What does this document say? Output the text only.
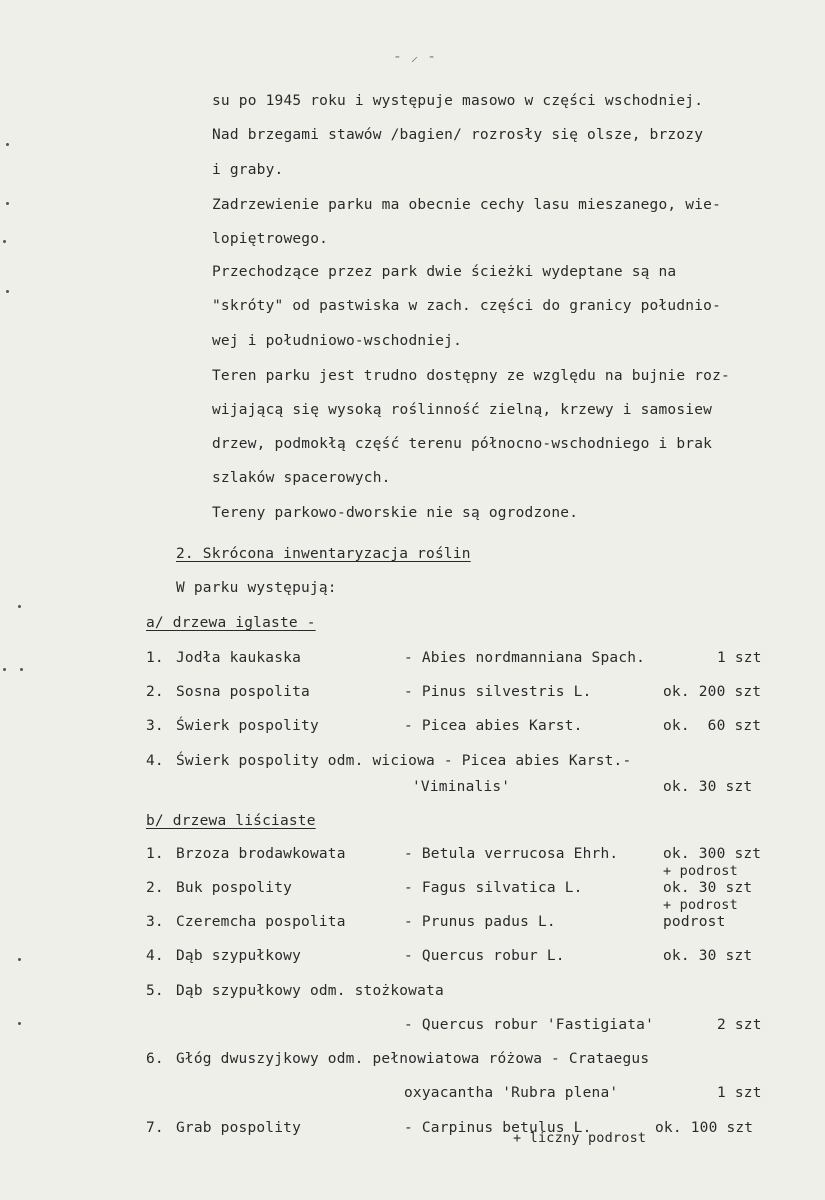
- ⸝ -
su po 1945 roku i występuje masowo w części wschodniej.
Nad brzegami stawów /bagien/ rozrosły się olsze, brzozy
i graby.
Zadrzewienie parku ma obecnie cechy lasu mieszanego, wie-
lopiętrowego.
Przechodzące przez park dwie ścieżki wydeptane są na
"skróty" od pastwiska w zach. części do granicy południo-
wej i południowo-wschodniej.
Teren parku jest trudno dostępny ze względu na bujnie roz-
wijającą się wysoką roślinność zielną, krzewy i samosiew
drzew, podmokłą część terenu północno-wschodniego i brak
szlaków spacerowych.
Tereny parkowo-dworskie nie są ogrodzone.
2. Skrócona inwentaryzacja roślin
W parku występują:
a/ drzewa iglaste -
1. Jodła kaukaska	- Abies nordmanniana Spach.	1 szt
2. Sosna pospolita	- Pinus silvestris L.	ok. 200 szt
3. Świerk pospolity	- Picea abies Karst.	ok.  60 szt
4. Świerk pospolity odm. wiciowa - Picea abies Karst.-
'Viminalis'	ok. 30 szt
b/ drzewa liściaste
1. Brzoza brodawkowata	- Betula verrucosa Ehrh.	ok. 300 szt
+ podrost
2. Buk pospolity	- Fagus silvatica L.	ok. 30 szt
+ podrost
3. Czeremcha pospolita	- Prunus padus L.	podrost
4. Dąb szypułkowy	- Quercus robur L.	ok. 30 szt
5. Dąb szypułkowy odm. stożkowata
- Quercus robur 'Fastigiata'	2 szt
6. Głóg dwuszyjkowy odm. pełnowiatowa różowa - Crataegus
oxyacantha 'Rubra plena'	1 szt
7. Grab pospolity	- Carpinus betulus L.	ok. 100 szt
+ liczny podrost
